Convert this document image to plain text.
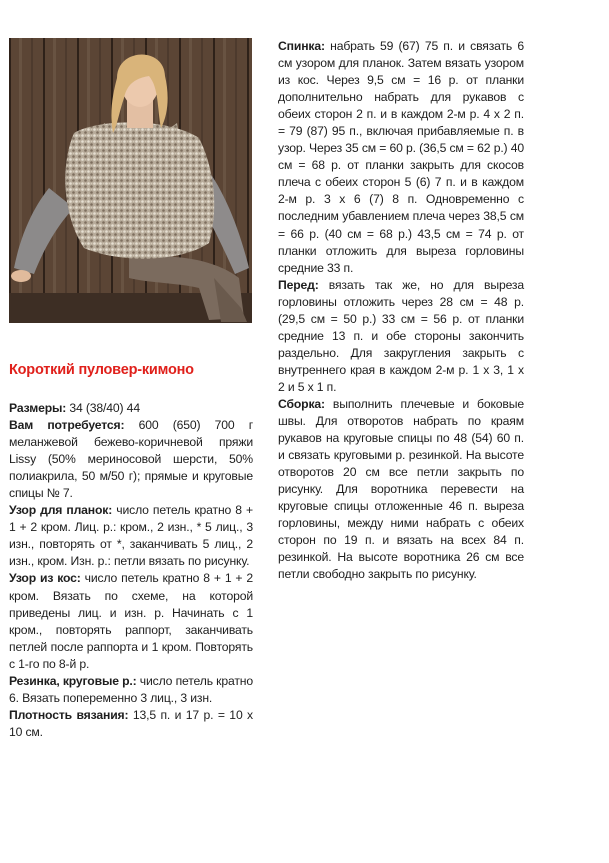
Короткий пуловер-кимоно

Размеры: 34 (38/40) 44

Вам потребуется: 600 (650) 700 г меланжевой бежево-коричневой пряжи Lissy (50% мериносовой шерсти, 50% полиакрила, 50 м/50 г); прямые и круговые спицы № 7.

Узор для планок: число петель кратно 8 + 1 + 2 кром. Лиц. р.: кром., 2 изн., * 5 лиц., 3 изн., повторять от *, заканчивать 5 лиц., 2 изн., кром. Изн. р.: петли вязать по рисунку.

Узор из кос: число петель кратно 8 + 1 + 2 кром. Вязать по схеме, на которой приведены лиц. и изн. р. Начинать с 1 кром., повторять раппорт, заканчивать петлей после раппорта и 1 кром. Повторять с 1-го по 8-й р.

Резинка, круговые р.: число петель кратно 6. Вязать попеременно 3 лиц., 3 изн.

Плотность вязания: 13,5 п. и 17 р. = 10 х 10 см.

Спинка: набрать 59 (67) 75 п. и связать 6 см узором для планок. Затем вязать узором из кос. Через 9,5 см = 16 р. от планки дополнительно набрать для рукавов с обеих сторон 2 п. и в каждом 2-м р. 4 х 2 п. = 79 (87) 95 п., включая прибавляемые п. в узор. Через 35 см = 60 р. (36,5 см = 62 р.) 40 см = 68 р. от планки закрыть для скосов плеча с обеих сторон 5 (6) 7 п. и в каждом 2-м р. 3 х 6 (7) 8 п. Одновременно с последним убавлением плеча через 38,5 см = 66 р. (40 см = 68 р.) 43,5 см = 74 р. от планки отложить для выреза горловины средние 33 п.

Перед: вязать так же, но для выреза горловины отложить через 28 см = 48 р. (29,5 см = 50 р.) 33 см = 56 р. от планки средние 13 п. и обе стороны закончить раздельно. Для закругления закрыть с внутреннего края в каждом 2-м р. 1 х 3, 1 х 2 и 5 х 1 п.

Сборка: выполнить плечевые и боковые швы. Для отворотов набрать по краям рукавов на круговые спицы по 48 (54) 60 п. и связать круговыми р. резинкой. На высоте отворотов 20 см все петли закрыть по рисунку. Для воротника перевести на круговые спицы отложенные 46 п. выреза горловины, между ними набрать с обеих сторон по 19 п. и вязать на всех 84 п. резинкой. На высоте воротника 26 см все петли свободно закрыть по рисунку.
